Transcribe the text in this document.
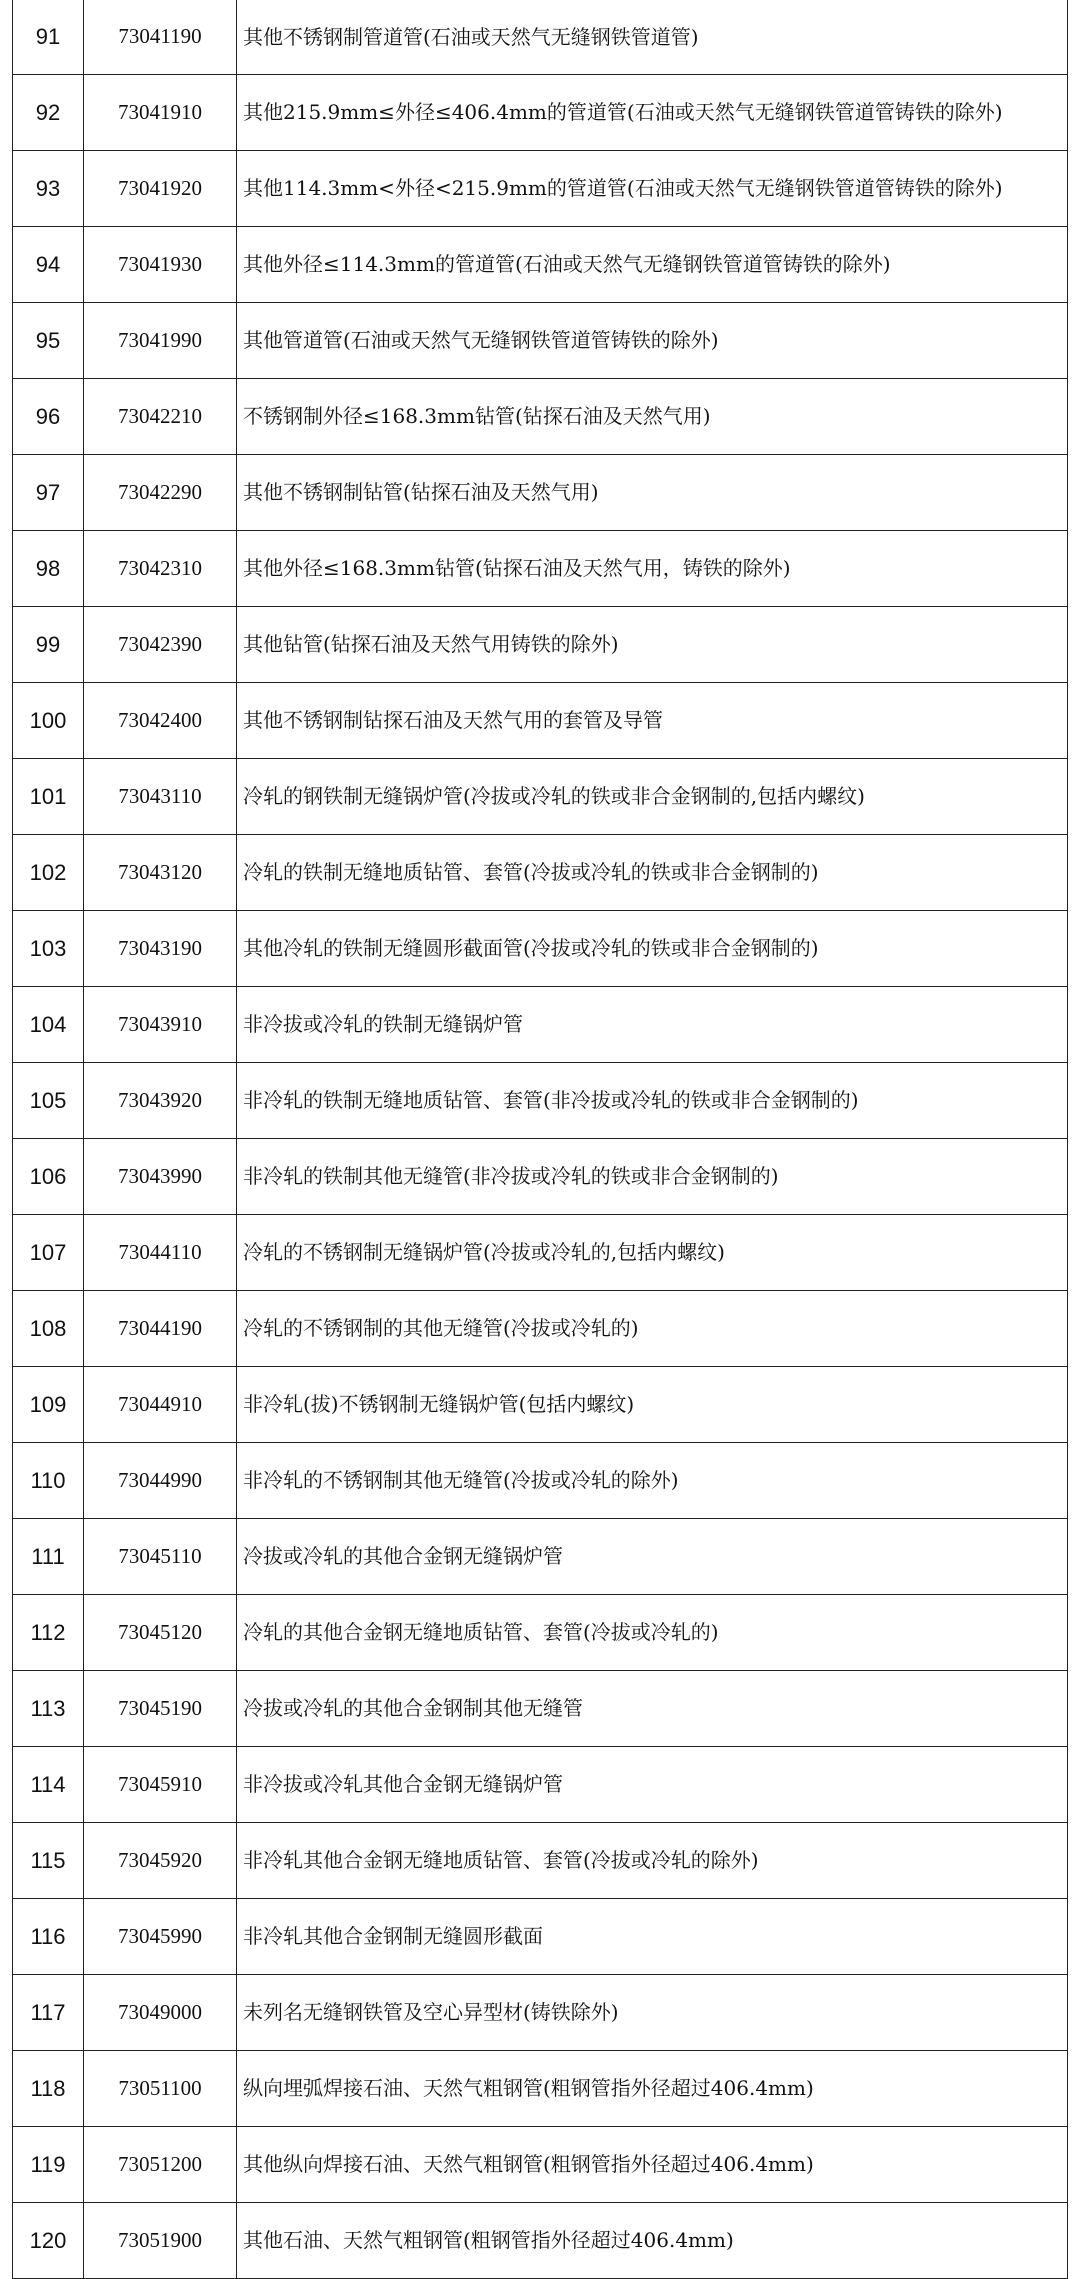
91	73041190	其他不锈钢制管道管(石油或天然气无缝钢铁管道管)
92	73041910	其他215.9mm≤外径≤406.4mm的管道管(石油或天然气无缝钢铁管道管铸铁的除外)
93	73041920	其他114.3mm<外径<215.9mm的管道管(石油或天然气无缝钢铁管道管铸铁的除外)
94	73041930	其他外径≤114.3mm的管道管(石油或天然气无缝钢铁管道管铸铁的除外)
95	73041990	其他管道管(石油或天然气无缝钢铁管道管铸铁的除外)
96	73042210	不锈钢制外径≤168.3mm钻管(钻探石油及天然气用)
97	73042290	其他不锈钢制钻管(钻探石油及天然气用)
98	73042310	其他外径≤168.3mm钻管(钻探石油及天然气用，铸铁的除外)
99	73042390	其他钻管(钻探石油及天然气用铸铁的除外)
100	73042400	其他不锈钢制钻探石油及天然气用的套管及导管
101	73043110	冷轧的钢铁制无缝锅炉管(冷拔或冷轧的铁或非合金钢制的,包括内螺纹)
102	73043120	冷轧的铁制无缝地质钻管、套管(冷拔或冷轧的铁或非合金钢制的)
103	73043190	其他冷轧的铁制无缝圆形截面管(冷拔或冷轧的铁或非合金钢制的)
104	73043910	非冷拔或冷轧的铁制无缝锅炉管
105	73043920	非冷轧的铁制无缝地质钻管、套管(非冷拔或冷轧的铁或非合金钢制的)
106	73043990	非冷轧的铁制其他无缝管(非冷拔或冷轧的铁或非合金钢制的)
107	73044110	冷轧的不锈钢制无缝锅炉管(冷拔或冷轧的,包括内螺纹)
108	73044190	冷轧的不锈钢制的其他无缝管(冷拔或冷轧的)
109	73044910	非冷轧(拔)不锈钢制无缝锅炉管(包括内螺纹)
110	73044990	非冷轧的不锈钢制其他无缝管(冷拔或冷轧的除外)
111	73045110	冷拔或冷轧的其他合金钢无缝锅炉管
112	73045120	冷轧的其他合金钢无缝地质钻管、套管(冷拔或冷轧的)
113	73045190	冷拔或冷轧的其他合金钢制其他无缝管
114	73045910	非冷拔或冷轧其他合金钢无缝锅炉管
115	73045920	非冷轧其他合金钢无缝地质钻管、套管(冷拔或冷轧的除外)
116	73045990	非冷轧其他合金钢制无缝圆形截面
117	73049000	未列名无缝钢铁管及空心异型材(铸铁除外)
118	73051100	纵向埋弧焊接石油、天然气粗钢管(粗钢管指外径超过406.4mm)
119	73051200	其他纵向焊接石油、天然气粗钢管(粗钢管指外径超过406.4mm)
120	73051900	其他石油、天然气粗钢管(粗钢管指外径超过406.4mm)
